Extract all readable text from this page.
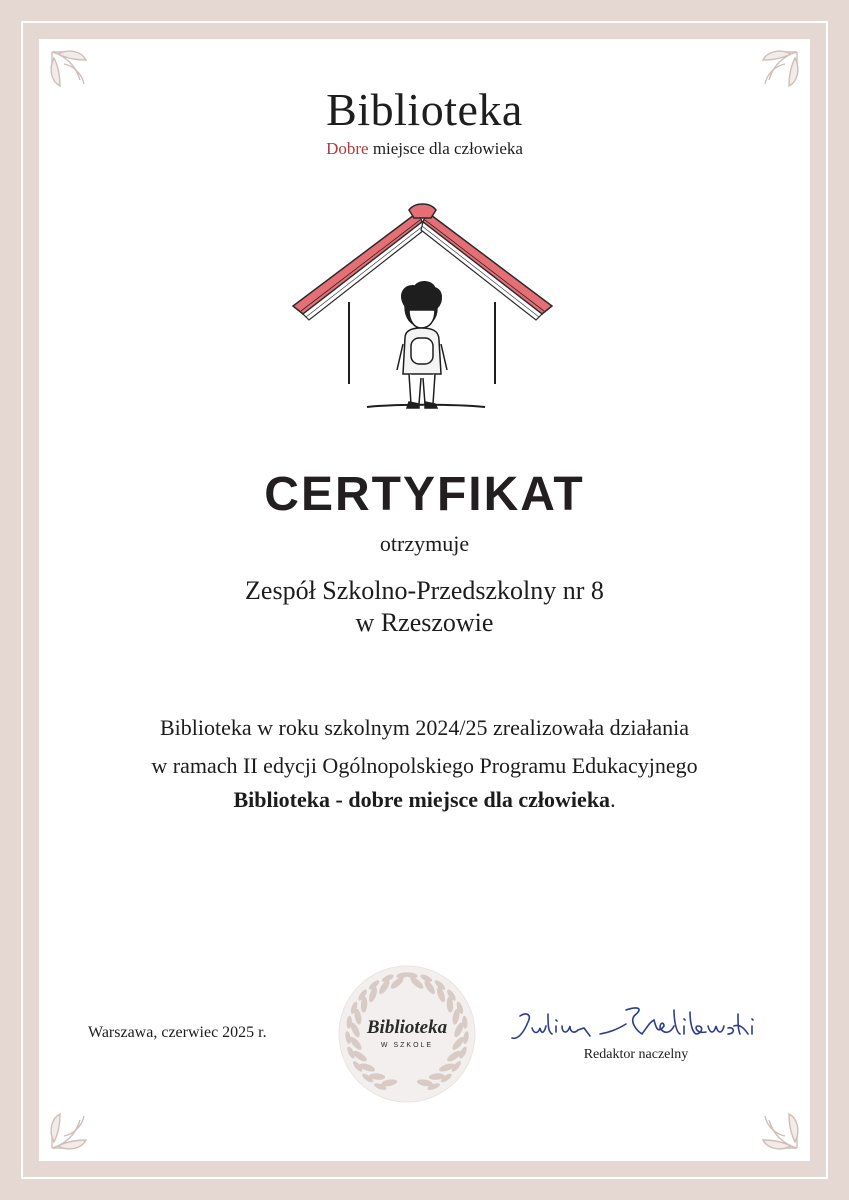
Biblioteka
Dobre miejsce dla człowieka
CERTYFIKAT
otrzymuje
Zespół Szkolno-Przedszkolny nr 8
w Rzeszowie
Biblioteka w roku szkolnym 2024/25 zrealizowała działania
w ramach II edycji Ogólnopolskiego Programu Edukacyjnego
Biblioteka - dobre miejsce dla człowieka.
Warszawa, czerwiec 2025 r.	Biblioteka
W SZKOLE
Redaktor naczelny
